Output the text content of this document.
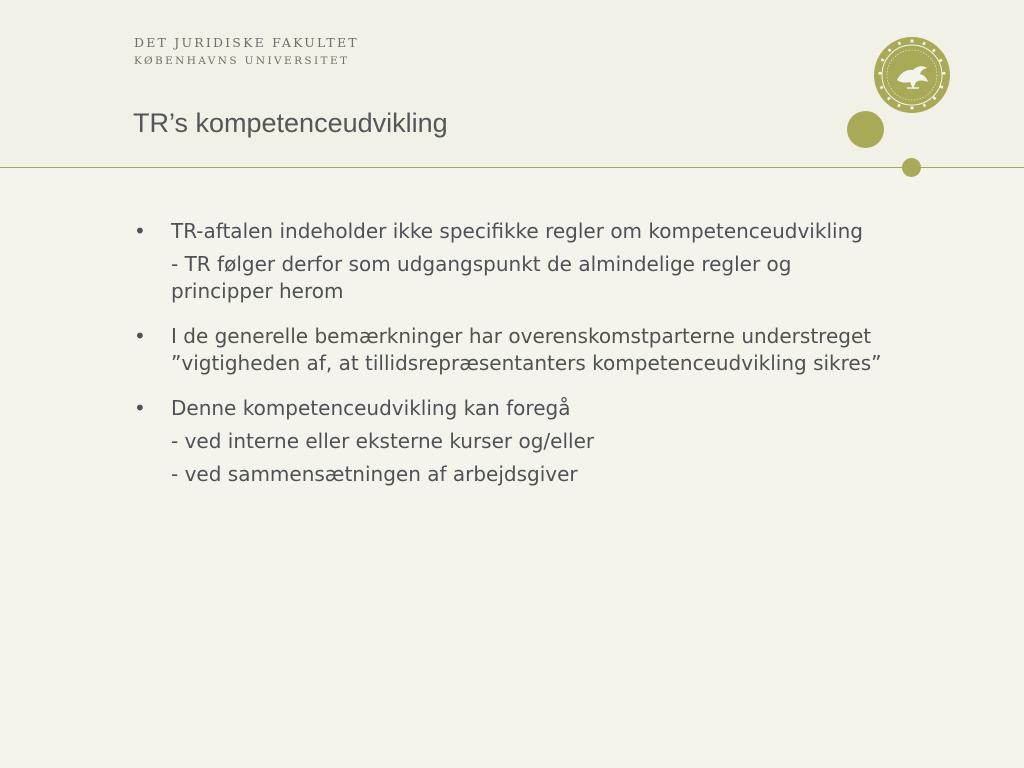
DET JURIDISKE FAKULTET
KØBENHAVNS UNIVERSITET
TR’s kompetenceudvikling
• TR-aftalen indeholder ikke specifikke regler om kompetenceudvikling
- TR følger derfor som udgangspunkt de almindelige regler og principper herom
• I de generelle bemærkninger har overenskomstparterne understreget ”vigtigheden af, at tillidsrepræsentanters kompetenceudvikling sikres”
• Denne kompetenceudvikling kan foregå
- ved interne eller eksterne kurser og/eller
- ved sammensætningen af arbejdsgiver
